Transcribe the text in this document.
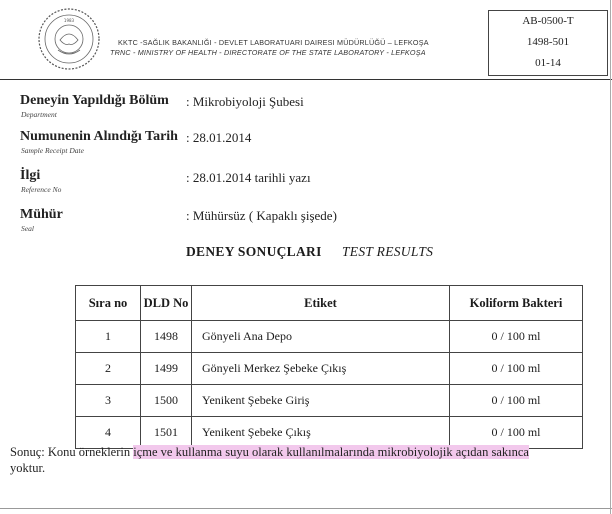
1983
KKTC -SAĞLIK BAKANLIĞI - DEVLET LABORATUARI DAIRESI MÜDÜRLÜĞÜ – LEFKOŞA
TRNC - MINISTRY OF HEALTH - DIRECTORATE OF THE STATE LABORATORY - LEFKOŞA
AB-0500-T
1498-501
01-14
Deneyin Yapıldığı Bölüm
Department
: Mikrobiyoloji Şubesi
Numunenin Alındığı Tarih
Sample Receipt Date
: 28.01.2014
İlgi
Reference No
: 28.01.2014 tarihli yazı
Mühür
Seal
: Mühürsüz ( Kapaklı şişede)
DENEY SONUÇLARI TEST RESULTS
Sıra no	DLD No	Etiket	Koliform Bakteri
1	1498	Gönyeli Ana Depo	0 / 100 ml
2	1499	Gönyeli Merkez Şebeke Çıkış	0 / 100 ml
3	1500	Yenikent Şebeke Giriş	0 / 100 ml
4	1501	Yenikent Şebeke Çıkış	0 / 100 ml
Sonuç: Konu örneklerin içme ve kullanma suyu olarak kullanılmalarında mikrobiyolojik açıdan sakınca
yoktur.
